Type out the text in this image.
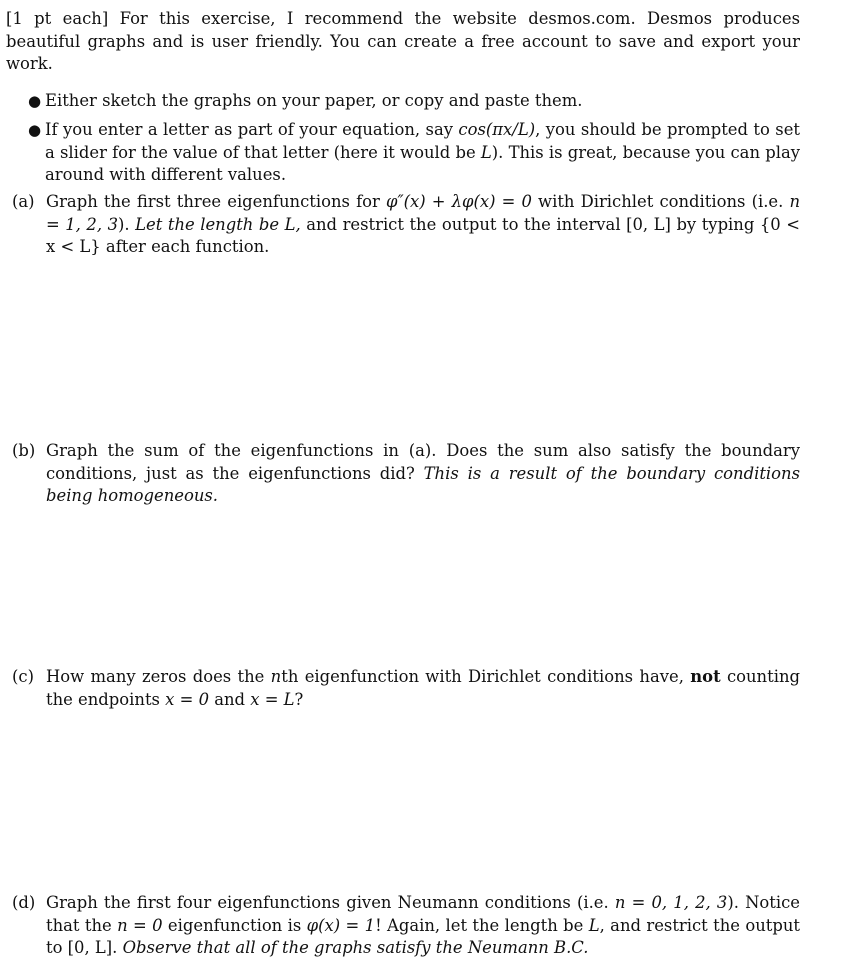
[1 pt each] For this exercise, I recommend the website desmos.com. Desmos produces beautiful graphs and is user friendly. You can create a free account to save and export your work.

● Either sketch the graphs on your paper, or copy and paste them.
● If you enter a letter as part of your equation, say cos(πx/L), you should be prompted to set a slider for the value of that letter (here it would be L). This is great, because you can play around with different values.
(a) Graph the first three eigenfunctions for φ″(x) + λφ(x) = 0 with Dirichlet conditions (i.e. n = 1, 2, 3). Let the length be L, and restrict the output to the interval [0, L] by typing {0 < x < L} after each function.
(b) Graph the sum of the eigenfunctions in (a). Does the sum also satisfy the boundary conditions, just as the eigenfunctions did? This is a result of the boundary conditions being homogeneous.
(c) How many zeros does the nth eigenfunction with Dirichlet conditions have, not counting the endpoints x = 0 and x = L?
(d) Graph the first four eigenfunctions given Neumann conditions (i.e. n = 0, 1, 2, 3). Notice that the n = 0 eigenfunction is φ(x) = 1! Again, let the length be L, and restrict the output to [0, L]. Observe that all of the graphs satisfy the Neumann B.C.
